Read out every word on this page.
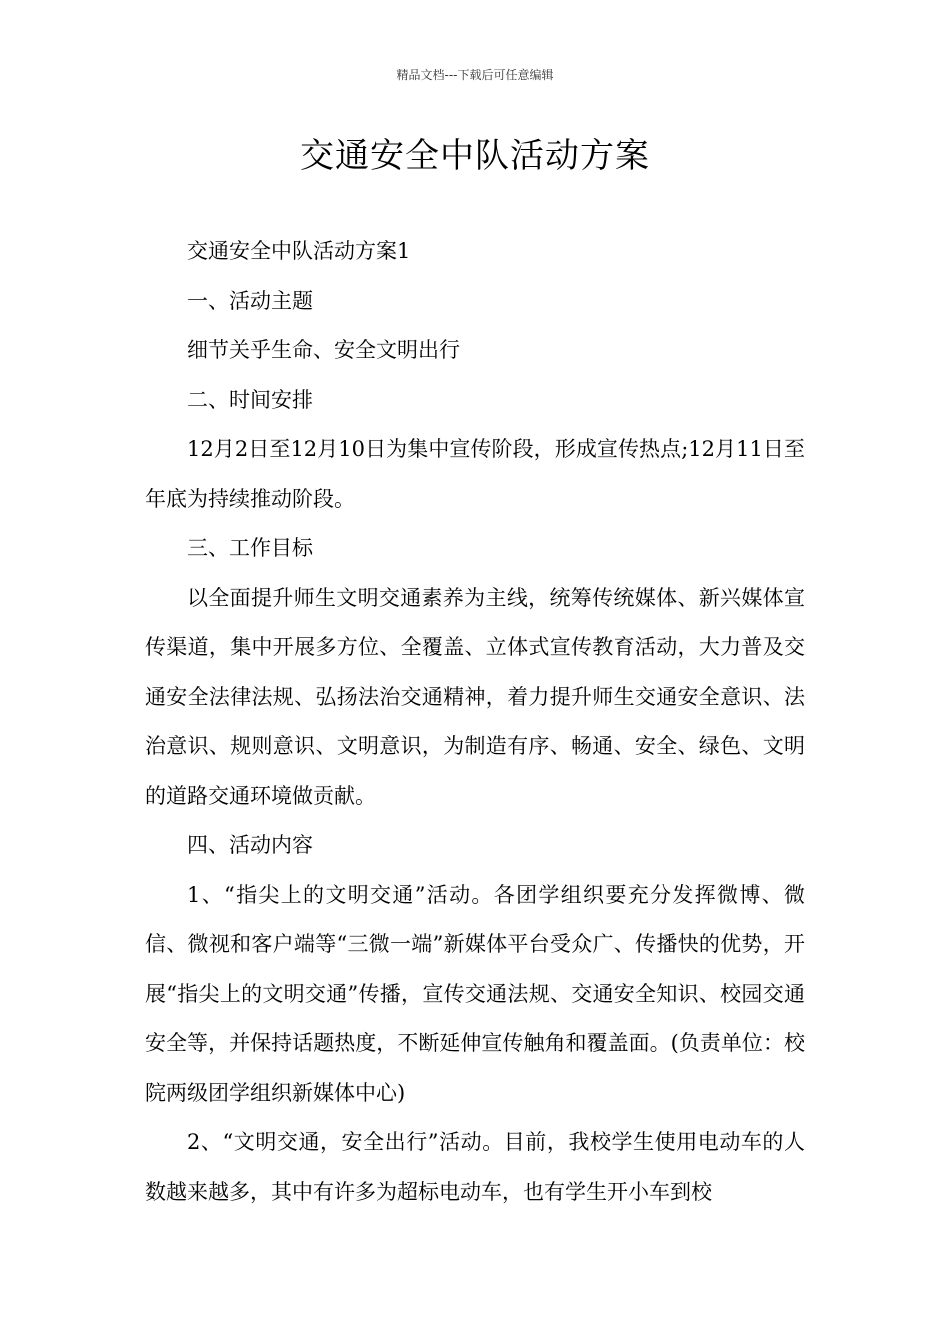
精品文档---下载后可任意编辑
交通安全中队活动方案

交通安全中队活动方案1

一、活动主题

细节关乎生命、安全文明出行

二、时间安排

12月2日至12月10日为集中宣传阶段，形成宣传热点;12月11日至年底为持续推动阶段。

三、工作目标

以全面提升师生文明交通素养为主线，统筹传统媒体、新兴媒体宣传渠道，集中开展多方位、全覆盖、立体式宣传教育活动，大力普及交通安全法律法规、弘扬法治交通精神，着力提升师生交通安全意识、法治意识、规则意识、文明意识，为制造有序、畅通、安全、绿色、文明的道路交通环境做贡献。

四、活动内容

1、“指尖上的文明交通”活动。各团学组织要充分发挥微博、微信、微视和客户端等“三微一端”新媒体平台受众广、传播快的优势，开展“指尖上的文明交通”传播，宣传交通法规、交通安全知识、校园交通安全等，并保持话题热度，不断延伸宣传触角和覆盖面。(负责单位：校院两级团学组织新媒体中心)

2、“文明交通，安全出行”活动。目前，我校学生使用电动车的人数越来越多，其中有许多为超标电动车，也有学生开小车到校
